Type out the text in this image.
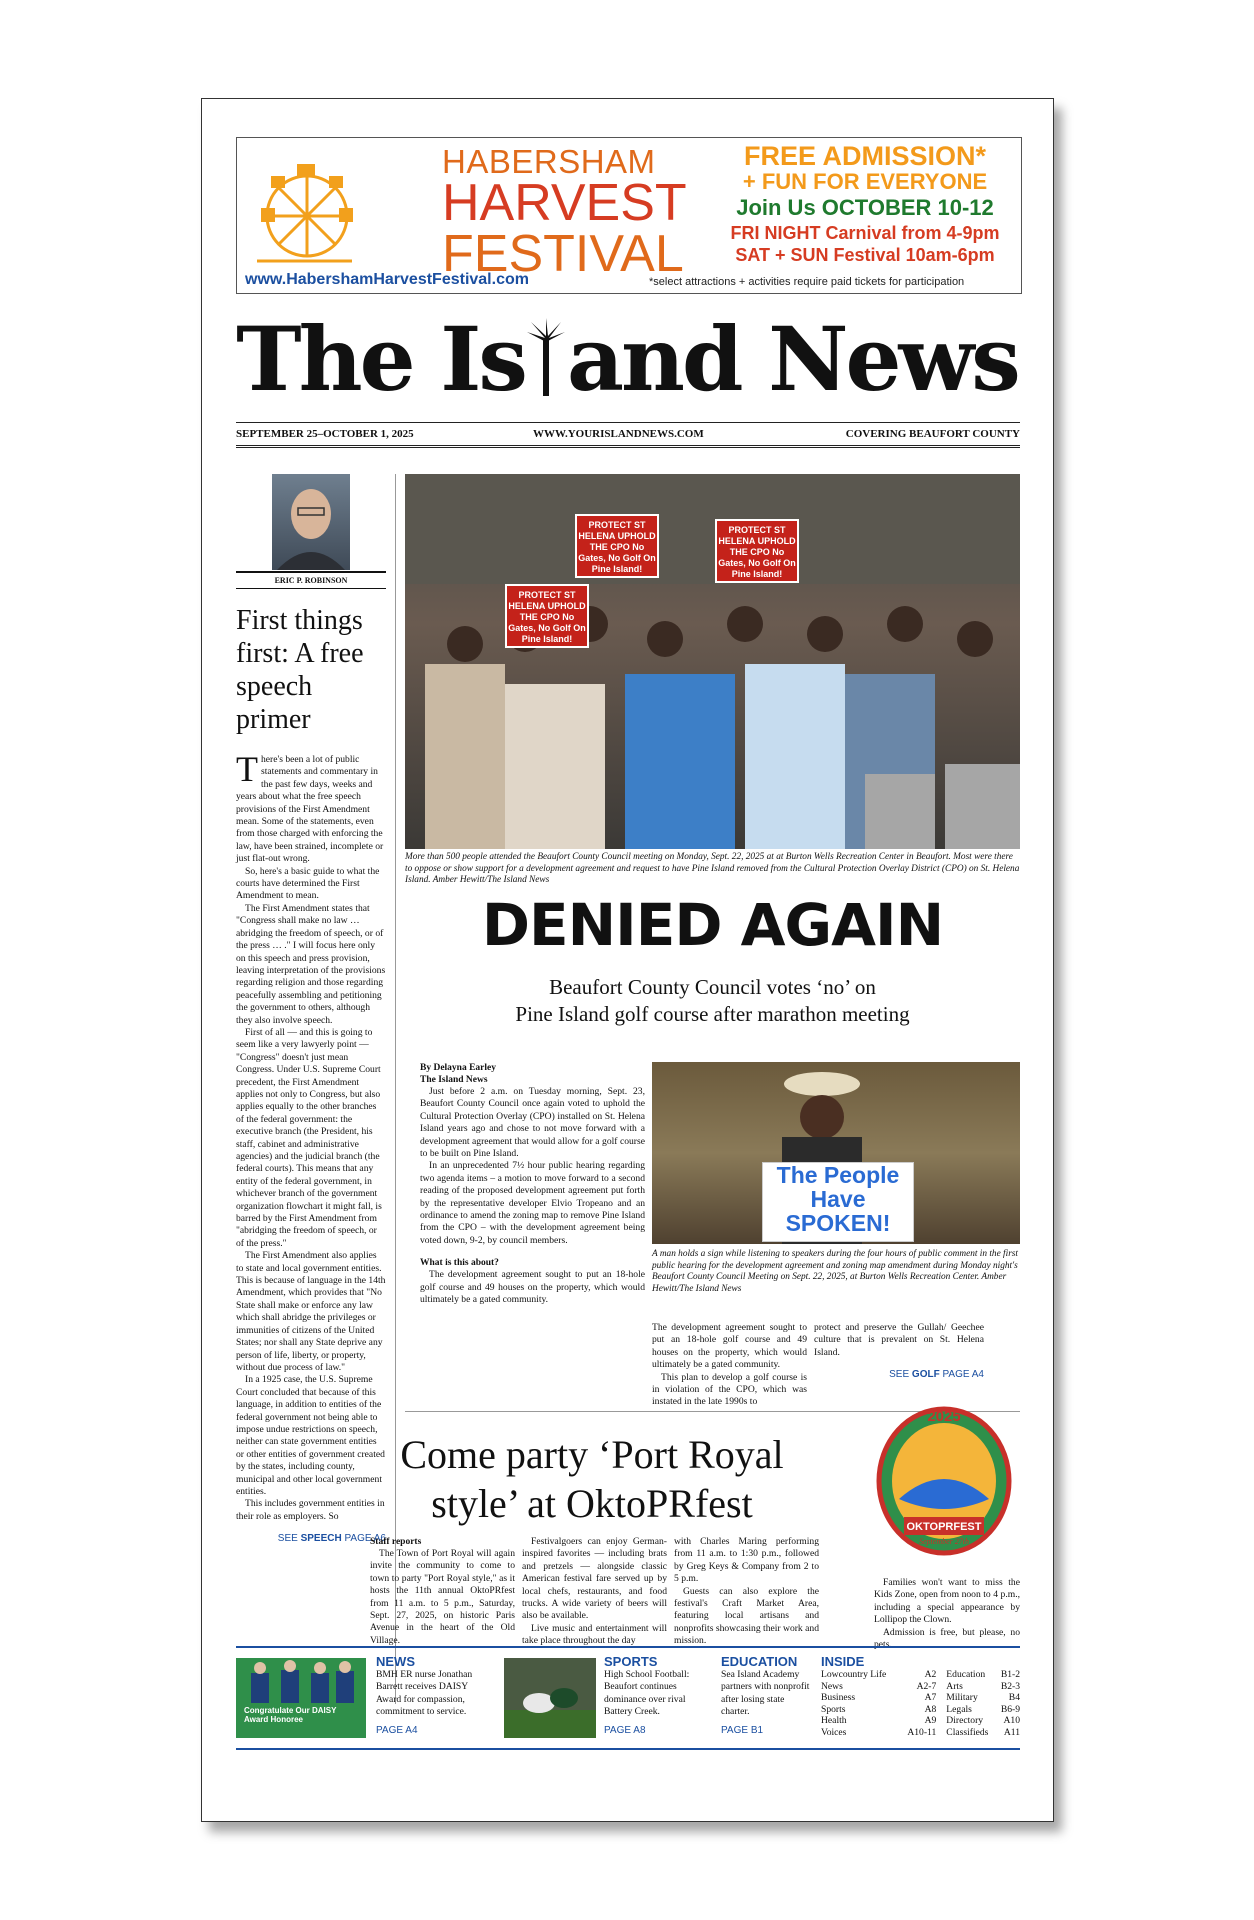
HABERSHAM
HARVEST
FESTIVAL
FREE ADMISSION*
+ FUN FOR EVERYONE
Join Us OCTOBER 10-12
FRI NIGHT Carnival from 4-9pm
SAT + SUN Festival 10am-6pm
www.HabershamHarvestFestival.com	*select attractions + activities require paid tickets for participation
The Is and News
SEPTEMBER 25–OCTOBER 1, 2025	WWW.YOURISLANDNEWS.COM	COVERING BEAUFORT COUNTY
ERIC P. ROBINSON
First things first: A free speech primer
T here's been a lot of public statements and commentary in the past few days, weeks and years about what the free speech provisions of the First Amendment mean. Some of the statements, even from those charged with enforcing the law, have been strained, incomplete or just flat-out wrong.

So, here's a basic guide to what the courts have determined the First Amendment to mean.

The First Amendment states that "Congress shall make no law … abridging the freedom of speech, or of the press … ." I will focus here only on this speech and press provision, leaving interpretation of the provisions regarding religion and those regarding peacefully assembling and petitioning the government to others, although they also involve speech.

First of all — and this is going to seem like a very lawyerly point — "Congress" doesn't just mean Congress. Under U.S. Supreme Court precedent, the First Amendment applies not only to Congress, but also applies equally to the other branches of the federal government: the executive branch (the President, his staff, cabinet and administrative agencies) and the judicial branch (the federal courts). This means that any entity of the federal government, in whichever branch of the government organization flowchart it might fall, is barred by the First Amendment from "abridging the freedom of speech, or of the press."

The First Amendment also applies to state and local government entities. This is because of language in the 14th Amendment, which provides that "No State shall make or enforce any law which shall abridge the privileges or immunities of citizens of the United States; nor shall any State deprive any person of life, liberty, or property, without due process of law."

In a 1925 case, the U.S. Supreme Court concluded that because of this language, in addition to entities of the federal government not being able to impose undue restrictions on speech, neither can state government entities or other entities of government created by the states, including county, municipal and other local government entities.

This includes government entities in their role as employers. So

SEE SPEECH PAGE A6
PROTECT ST HELENA UPHOLD THE CPO No Gates, No Golf On Pine Island!
PROTECT ST HELENA UPHOLD THE CPO No Gates, No Golf On Pine Island!
PROTECT ST HELENA UPHOLD THE CPO No Gates, No Golf On Pine Island!
More than 500 people attended the Beaufort County Council meeting on Monday, Sept. 22, 2025 at at Burton Wells Recreation Center in Beaufort. Most were there to oppose or show support for a development agreement and request to have Pine Island removed from the Cultural Protection Overlay District (CPO) on St. Helena Island. Amber Hewitt/The Island News
DENIED AGAIN
Beaufort County Council votes ‘no’ on
Pine Island golf course after marathon meeting
By Delayna Earley
The Island News

Just before 2 a.m. on Tuesday morning, Sept. 23, Beaufort County Council once again voted to uphold the Cultural Protection Overlay (CPO) installed on St. Helena Island years ago and chose to not move forward with a development agreement that would allow for a golf course to be built on Pine Island.

In an unprecedented 7½ hour public hearing regarding two agenda items – a motion to move forward to a second reading of the proposed development agreement put forth by the representative developer Elvio Tropeano and an ordinance to amend the zoning map to remove Pine Island from the CPO – with the development agreement being voted down, 9-2, by council members.

What is this about?

The development agreement sought to put an 18-hole golf course and 49 houses on the property, which would ultimately be a gated community.

The People
Have
SPOKEN!
A man holds a sign while listening to speakers during the four hours of public comment in the first public hearing for the development agreement and zoning map amendment during Monday night's Beaufort County Council Meeting on Sept. 22, 2025, at Burton Wells Recreation Center. Amber Hewitt/The Island News

The development agreement sought to put an 18-hole golf course and 49 houses on the property, which would ultimately be a gated community.

This plan to develop a golf course is in violation of the CPO, which was instated in the late 1990s to

protect and preserve the Gullah/ Geechee culture that is prevalent on St. Helena Island.

SEE GOLF PAGE A4
Come party ‘Port Royal
style’ at OktoPRfest
2025
OKTOPRFEST
September 27th
Staff reports

The Town of Port Royal will again invite the community to come to town to party "Port Royal style," as it hosts the 11th annual OktoPRfest from 11 a.m. to 5 p.m., Saturday, Sept. 27, 2025, on historic Paris Avenue in the heart of the Old Village.

Festivalgoers can enjoy German-inspired favorites — including brats and pretzels — alongside classic American festival fare served up by local chefs, restaurants, and food trucks. A wide variety of beers will also be available.

Live music and entertainment will take place throughout the day

with Charles Maring performing from 11 a.m. to 1:30 p.m., followed by Greg Keys & Company from 2 to 5 p.m.

Guests can also explore the festival's Craft Market Area, featuring local artisans and nonprofits showcasing their work and mission.

Families won't want to miss the Kids Zone, open from noon to 4 p.m., including a special appearance by Lollipop the Clown.

Admission is free, but please, no pets.

Congratulate Our DAISY Award Honoree
NEWS
BMH ER nurse Jonathan Barrett receives DAISY Award for compassion, commitment to service.
PAGE A4
SPORTS
High School Football: Beaufort continues dominance over rival Battery Creek.
PAGE A8
EDUCATION
Sea Island Academy partners with nonprofit after losing state charter.
PAGE B1
INSIDE
Lowcountry Life	A2	Education	B1-2
News	A2-7	Arts	B2-3
Business	A7	Military	B4
Sports	A8	Legals	B6-9
Health	A9	Directory	A10
Voices	A10-11	Classifieds	A11
